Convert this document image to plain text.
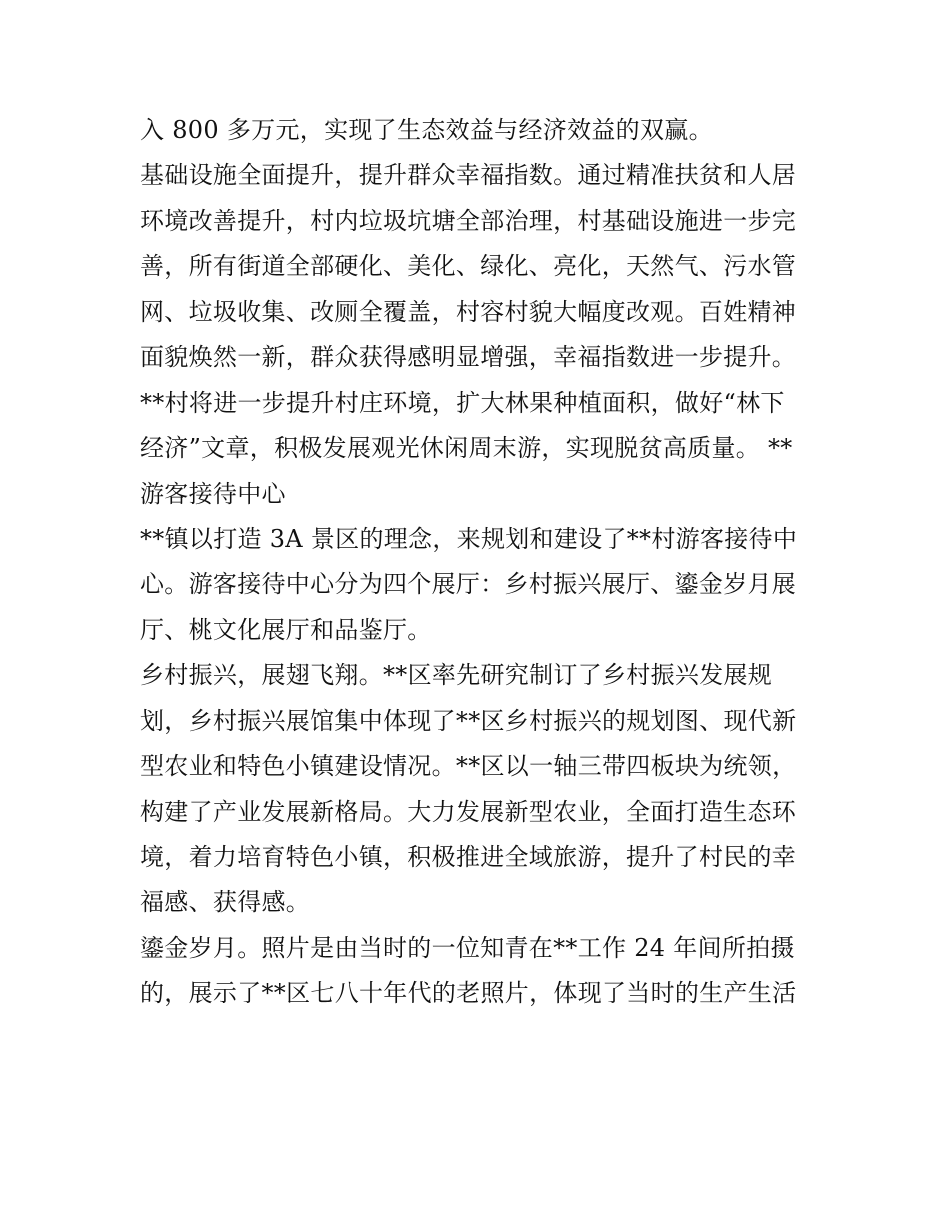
入 800 多万元，实现了生态效益与经济效益的双赢。
基础设施全面提升，提升群众幸福指数。通过精准扶贫和人居
环境改善提升，村内垃圾坑塘全部治理，村基础设施进一步完
善，所有街道全部硬化、美化、绿化、亮化，天然气、污水管
网、垃圾收集、改厕全覆盖，村容村貌大幅度改观。百姓精神
面貌焕然一新，群众获得感明显增强，幸福指数进一步提升。
**村将进一步提升村庄环境，扩大林果种植面积，做好“林下
经济”文章，积极发展观光休闲周末游，实现脱贫高质量。 **
游客接待中心
**镇以打造 3A 景区的理念，来规划和建设了**村游客接待中
心。游客接待中心分为四个展厅：乡村振兴展厅、鎏金岁月展
厅、桃文化展厅和品鉴厅。
乡村振兴，展翅飞翔。**区率先研究制订了乡村振兴发展规
划，乡村振兴展馆集中体现了**区乡村振兴的规划图、现代新
型农业和特色小镇建设情况。**区以一轴三带四板块为统领，
构建了产业发展新格局。大力发展新型农业，全面打造生态环
境，着力培育特色小镇，积极推进全域旅游，提升了村民的幸
福感、获得感。
鎏金岁月。照片是由当时的一位知青在**工作 24 年间所拍摄
的，展示了**区七八十年代的老照片，体现了当时的生产生活
